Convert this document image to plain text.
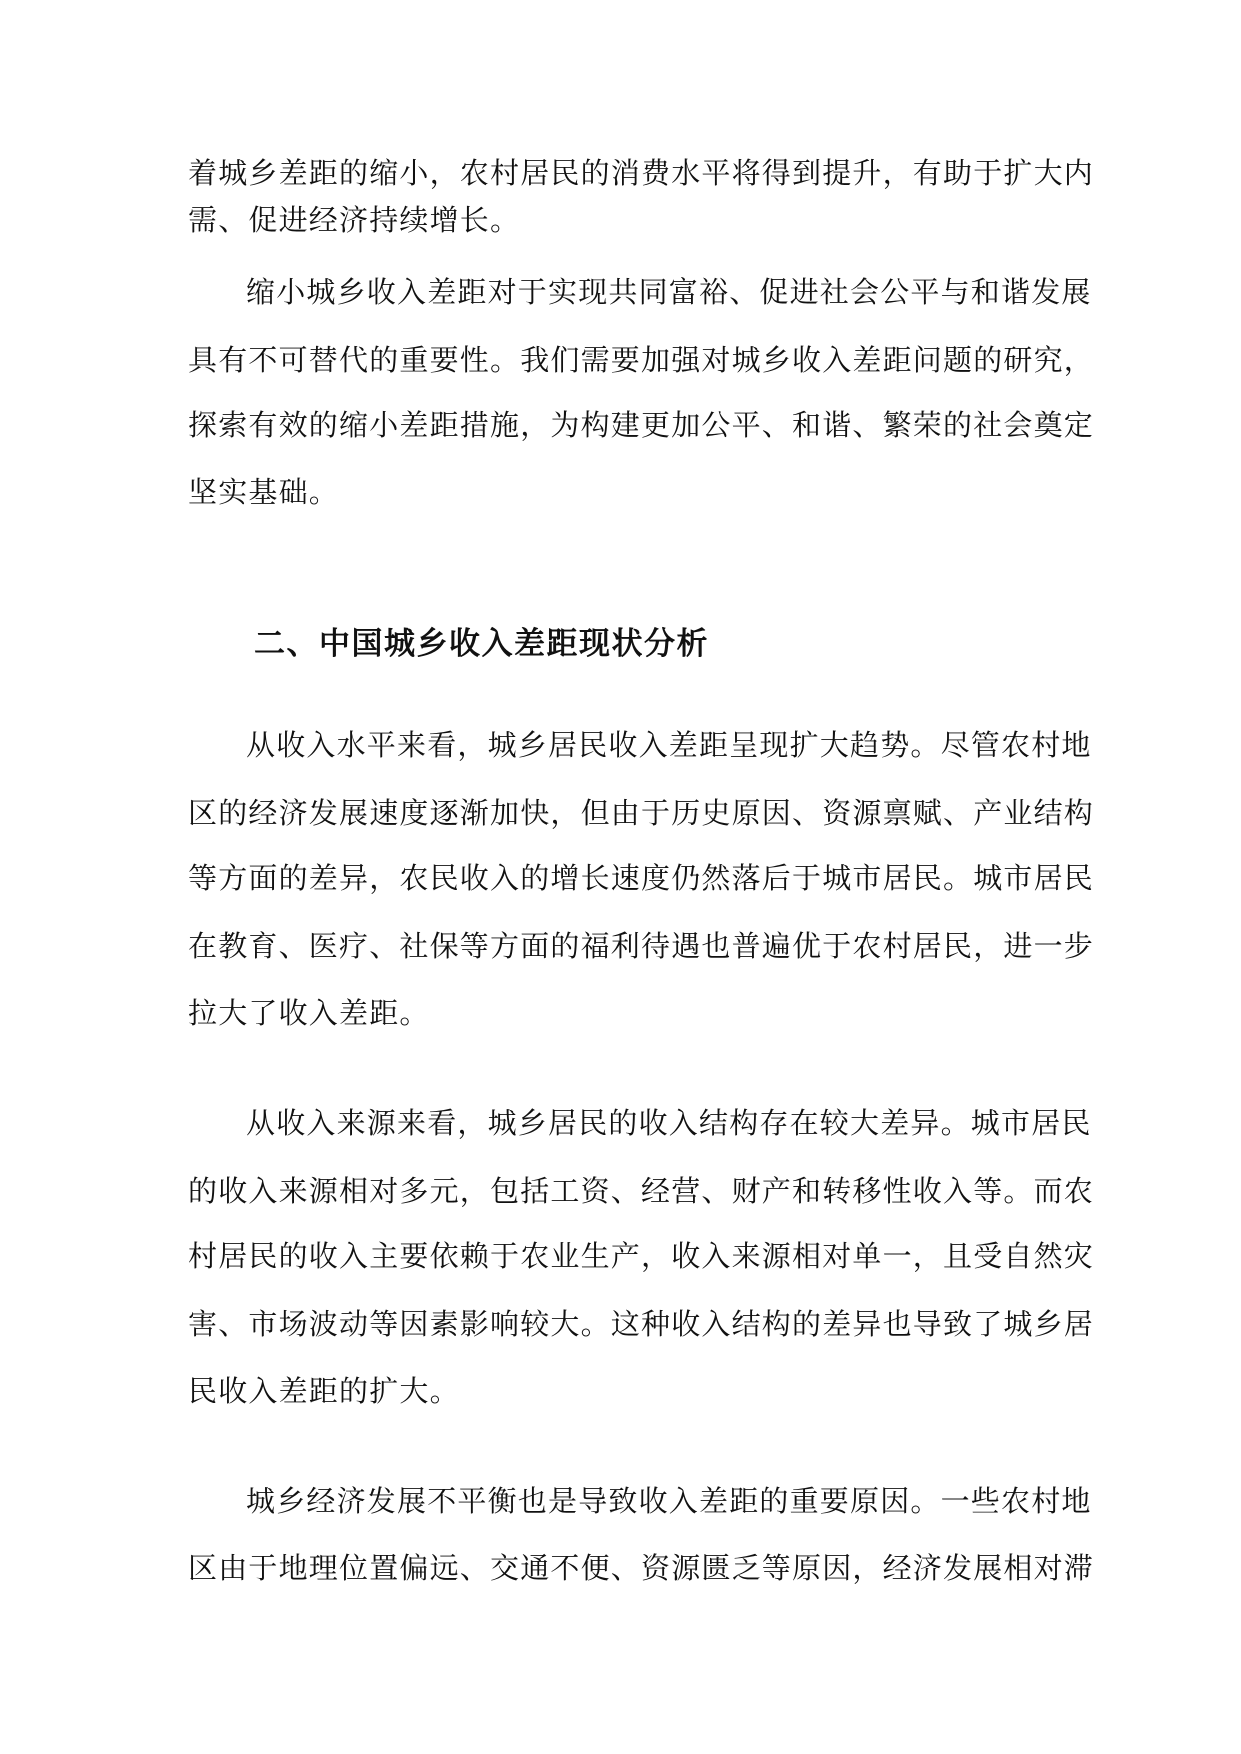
着城乡差距的缩小，农村居民的消费水平将得到提升，有助于扩大内
需、促进经济持续增长。
缩小城乡收入差距对于实现共同富裕、促进社会公平与和谐发展
具有不可替代的重要性。我们需要加强对城乡收入差距问题的研究，
探索有效的缩小差距措施，为构建更加公平、和谐、繁荣的社会奠定
坚实基础。
二、中国城乡收入差距现状分析
从收入水平来看，城乡居民收入差距呈现扩大趋势。尽管农村地
区的经济发展速度逐渐加快，但由于历史原因、资源禀赋、产业结构
等方面的差异，农民收入的增长速度仍然落后于城市居民。城市居民
在教育、医疗、社保等方面的福利待遇也普遍优于农村居民，进一步
拉大了收入差距。
从收入来源来看，城乡居民的收入结构存在较大差异。城市居民
的收入来源相对多元，包括工资、经营、财产和转移性收入等。而农
村居民的收入主要依赖于农业生产，收入来源相对单一，且受自然灾
害、市场波动等因素影响较大。这种收入结构的差异也导致了城乡居
民收入差距的扩大。
城乡经济发展不平衡也是导致收入差距的重要原因。一些农村地
区由于地理位置偏远、交通不便、资源匮乏等原因，经济发展相对滞
